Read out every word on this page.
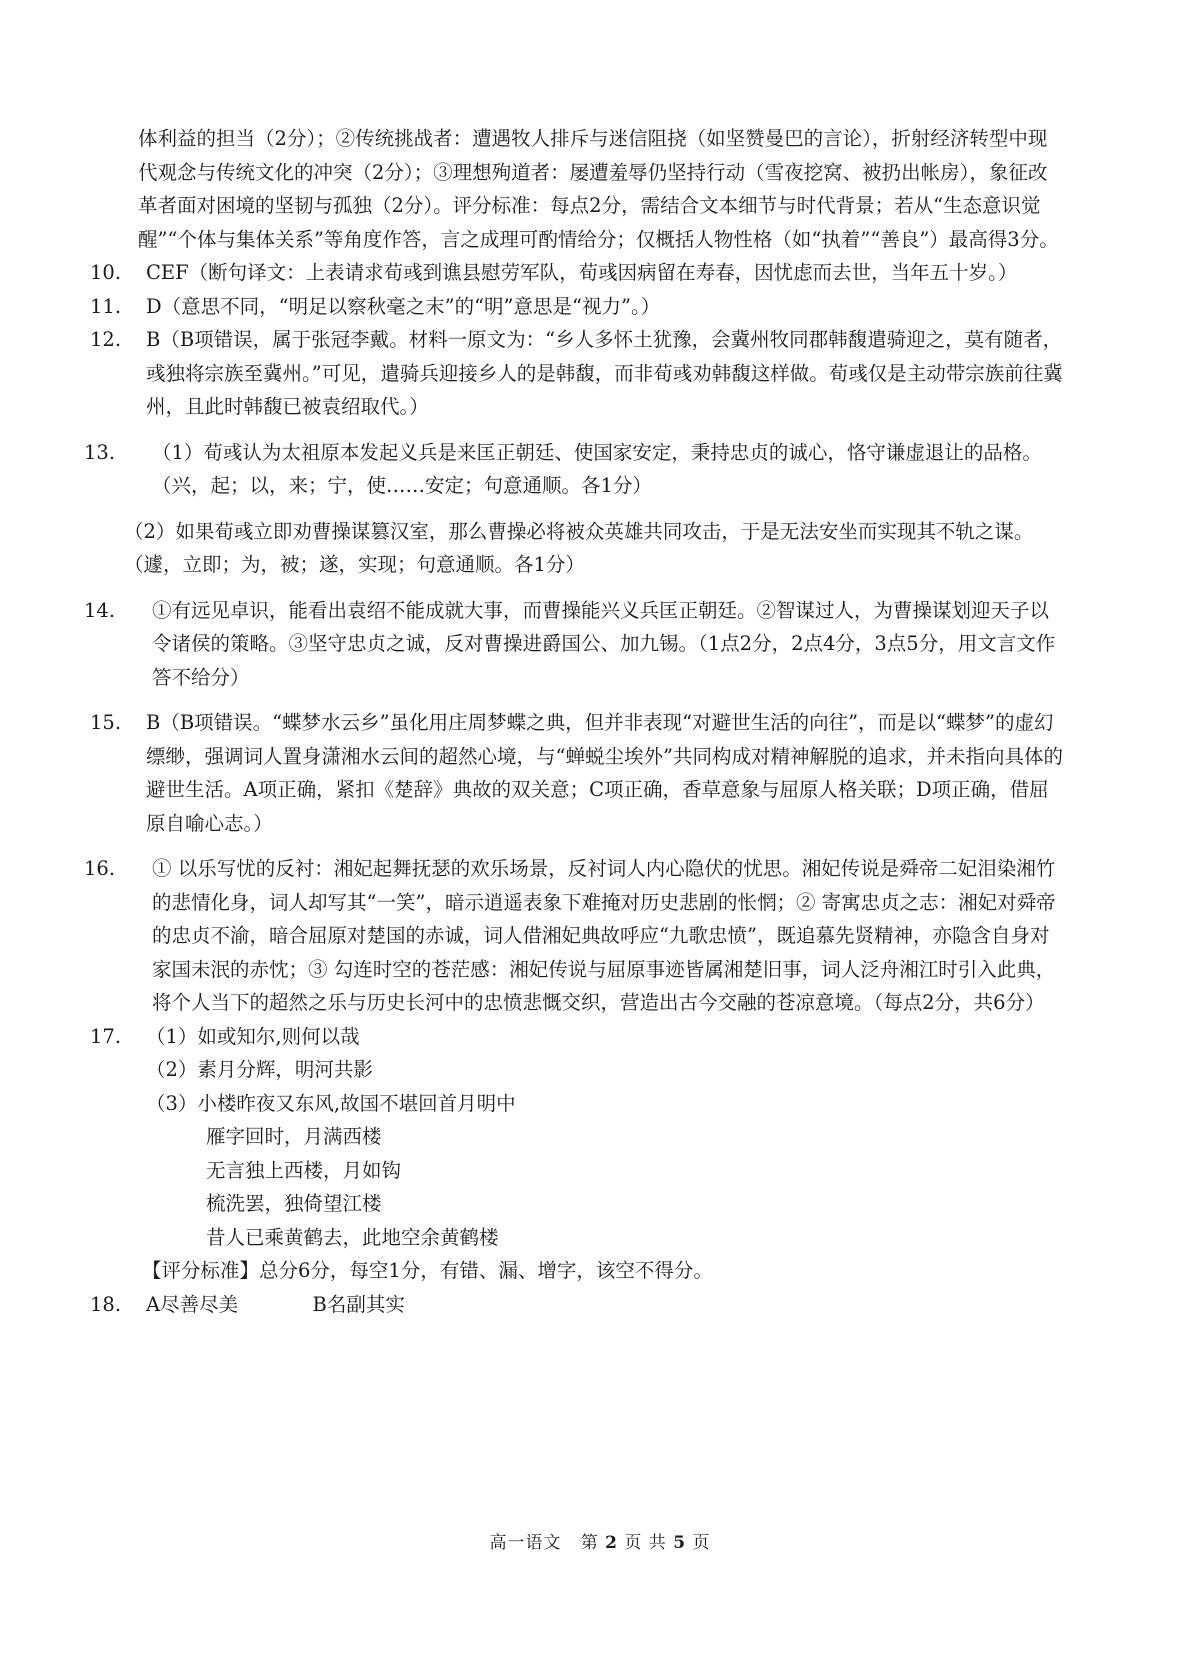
体利益的担当（2分）；②传统挑战者：遭遇牧人排斥与迷信阻挠（如坚赞曼巴的言论），折射经济转型中现代观念与传统文化的冲突（2分）；③理想殉道者：屡遭羞辱仍坚持行动（雪夜挖窝、被扔出帐房），象征改革者面对困境的坚韧与孤独（2分）。评分标准：每点2分，需结合文本细节与时代背景；若从“生态意识觉醒”“个体与集体关系”等角度作答，言之成理可酌情给分；仅概括人物性格（如“执着”“善良”）最高得3分。

10. CEF（断句译文：上表请求荀彧到谯县慰劳军队，荀彧因病留在寿春，因忧虑而去世，当年五十岁。）
11. D（意思不同，“明足以察秋毫之末”的“明”意思是“视力”。）
12. B（B项错误，属于张冠李戴。材料一原文为：“乡人多怀土犹豫，会冀州牧同郡韩馥遣骑迎之，莫有随者，彧独将宗族至冀州。”可见，遣骑兵迎接乡人的是韩馥，而非荀彧劝韩馥这样做。荀彧仅是主动带宗族前往冀州，且此时韩馥已被袁绍取代。）
13. （1）荀彧认为太祖原本发起义兵是来匡正朝廷、使国家安定，秉持忠贞的诚心，恪守谦虚退让的品格。（兴，起；以，来；宁，使……安定；句意通顺。各1分）
（2）如果荀彧立即劝曹操谋篡汉室，那么曹操必将被众英雄共同攻击，于是无法安坐而实现其不轨之谋。（遽，立即；为，被；遂，实现；句意通顺。各1分）
14. ①有远见卓识，能看出袁绍不能成就大事，而曹操能兴义兵匡正朝廷。②智谋过人，为曹操谋划迎天子以令诸侯的策略。③坚守忠贞之诚，反对曹操进爵国公、加九锡。（1点2分，2点4分，3点5分，用文言文作答不给分）
15. B（B项错误。“蝶梦水云乡”虽化用庄周梦蝶之典，但并非表现“对避世生活的向往”，而是以“蝶梦”的虚幻缥缈，强调词人置身潇湘水云间的超然心境，与“蝉蜕尘埃外”共同构成对精神解脱的追求，并未指向具体的避世生活。A项正确，紧扣《楚辞》典故的双关意；C项正确，香草意象与屈原人格关联；D项正确，借屈原自喻心志。）
16. ① 以乐写忧的反衬：湘妃起舞抚瑟的欢乐场景，反衬词人内心隐伏的忧思。湘妃传说是舜帝二妃泪染湘竹的悲情化身，词人却写其“一笑”，暗示逍遥表象下难掩对历史悲剧的怅惘；② 寄寓忠贞之志：湘妃对舜帝的忠贞不渝，暗合屈原对楚国的赤诚，词人借湘妃典故呼应“九歌忠愤”，既追慕先贤精神，亦隐含自身对家国未泯的赤忱；③ 勾连时空的苍茫感：湘妃传说与屈原事迹皆属湘楚旧事，词人泛舟湘江时引入此典，将个人当下的超然之乐与历史长河中的忠愤悲慨交织，营造出古今交融的苍凉意境。（每点2分，共6分）
17. （1）如或知尔,则何以哉
（2）素月分辉，明河共影
（3）小楼昨夜又东风,故国不堪回首月明中
雁字回时，月满西楼
无言独上西楼，月如钩
梳洗罢，独倚望江楼
昔人已乘黄鹤去，此地空余黄鹤楼
【评分标准】总分6分，每空1分，有错、漏、增字，该空不得分。
18. A尽善尽美	B名副其实
高一语文 第 2 页 共 5 页
